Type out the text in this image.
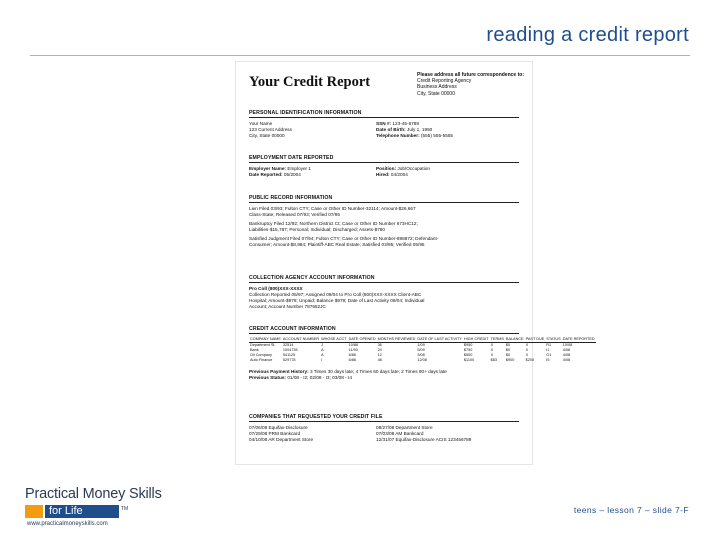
reading a credit report
Your Credit Report	Please address all future correspondence to:
Credit Reporting Agency
Business Address
City, State 00000
PERSONAL IDENTIFICATION INFORMATION
Your Name
123 Current Address
City, State 00000
SSN #: 123-45-6789
Date of Birth: July 1, 1950
Telephone Number: (555) 555-5555
EMPLOYMENT DATE REPORTED
Employer Name: Employer 1
Date Reported: 05/2004
Position: Job/Occupation
Hired: 04/2004
PUBLIC RECORD INFORMATION
Lien Filed 03/93; Fulton CTY; Case or Other ID Number-32114; Amount-$26,667
Class-State; Released 07/93; Verified 07/95
Bankruptcy Filed 12/92; Northern District Ct; Case or Other ID Number 673HC12;
Liabilities-$15,787; Personal; Individual; Discharged; Assets-$780
Satisfied Judgment Filed 07/94; Fulton CTY; Case or Other ID Number-898872; Defendant-
Consumer; Amount-$8,984; Plaintiff-ABC Real Estate; Satisfied 03/95; Verified 05/95
COLLECTION AGENCY ACCOUNT INFORMATION
Pro Coll (800)XXX-XXXX
Collection Reported 05/97; Assigned 09/04 to Pro Coll (800)XXX-XXXX Client-ABC
Hospital; Amount-$978; Unpaid; Balance $978; Date of Last Activity 09/04; Individual
Account; Account Number 787652JC
CREDIT ACCOUNT INFORMATION
COMPANY NAME	ACCOUNT NUMBER	WHOSE ACCT	DATE OPENED	MONTHS REVIEWED	DATE OF LAST ACTIVITY	HIGH CREDIT	TERMS	BALANCE	PAST DUE	STATUS	DATE REPORTED
Department St.	32514	J	10/86	36	1/09	$950	X	$0	X	R1	10/08
Bank	1004735	A	11/90	24	5/09	$750	X	$0	X	I1	4/08
Oil Company	541125	A	6/86	12	3/08	$500	X	$0	X	O1	4/08
Auto Finance	529778	I	6/86	48	12/08	$1100	$83	$900	$200	I5	4/08
Previous Payment History: 3 Times 30 days late; 4 Times 60 days late; 2 Times 90+ days late
Previous Status: 01/08 - I2; 02/08 - I3; 03/08 - I4
COMPANIES THAT REQUESTED YOUR CREDIT FILE
07/06/08 Equifax-Disclosure
07/29/08 PRM Bankcard
04/10/08 AR Department Store
08/27/08 Department Store
07/03/08 AM Bankcard
12/31/07 Equifax-Disclosure ACIS 123456789
Practical Money Skills
for Life	TM
www.practicalmoneyskills.com
teens – lesson 7 – slide 7-F
